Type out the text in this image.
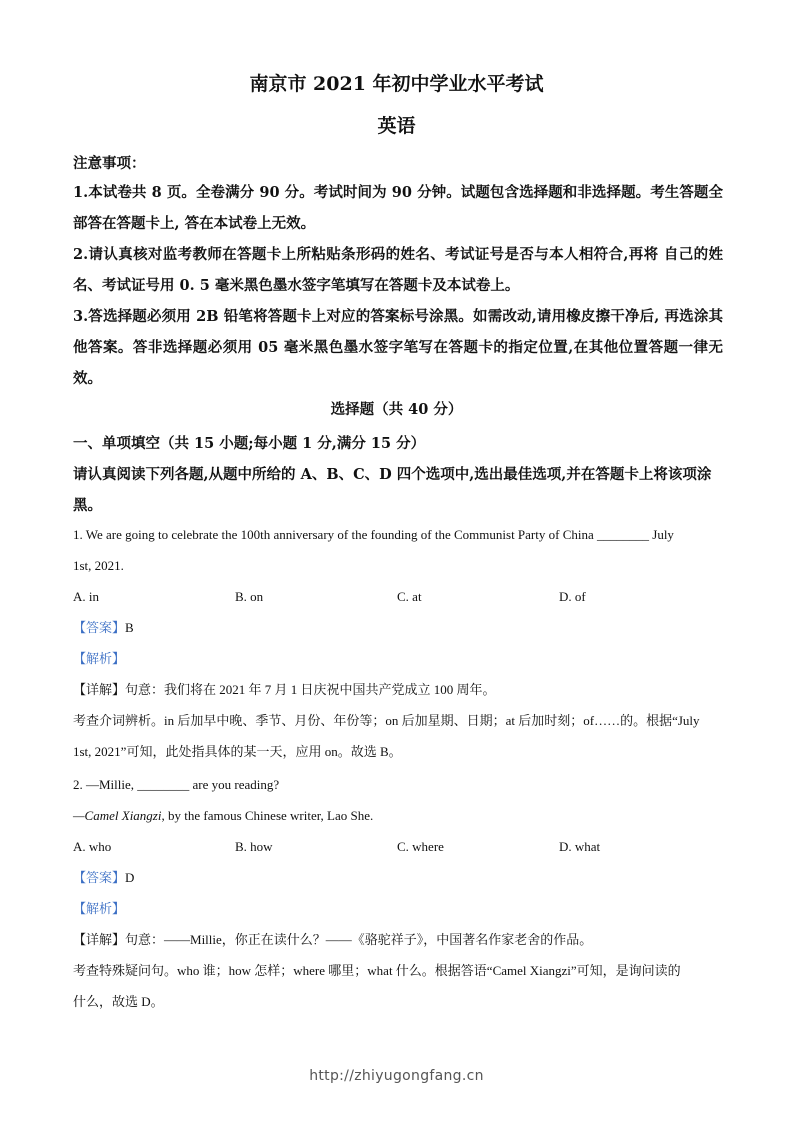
南京市 2021 年初中学业水平考试
英语
注意事项：

1.本试卷共 8 页。全卷满分 90 分。考试时间为 90 分钟。试题包含选择题和非选择题。考生答题全部答在答题卡上, 答在本试卷上无效。

2.请认真核对监考教师在答题卡上所粘贴条形码的姓名、考试证号是否与本人相符合,再将 自己的姓名、考试证号用 0. 5 毫米黑色墨水签字笔填写在答题卡及本试卷上。

3.答选择题必须用 2B 铅笔将答题卡上对应的答案标号涂黑。如需改动,请用橡皮擦干净后, 再选涂其他答案。答非选择题必须用 05 毫米黑色墨水签字笔写在答题卡的指定位置,在其他位置答题一律无效。

选择题（共 40 分）
一、单项填空（共 15 小题;每小题 1 分,满分 15 分）
请认真阅读下列各题,从题中所给的 A、B、C、D 四个选项中,选出最佳选项,并在答题卡上将该项涂黑。

1. We are going to celebrate the 100th anniversary of the founding of the Communist Party of China ________ July

1st, 2021.

A. in	B. on	C. at	D. of

【答案】B

【解析】

【详解】句意：我们将在 2021 年 7 月 1 日庆祝中国共产党成立 100 周年。

考查介词辨析。in 后加早中晚、季节、月份、年份等；on 后加星期、日期；at 后加时刻；of……的。根据“July

1st, 2021”可知，此处指具体的某一天，应用 on。故选 B。

2. —Millie, ________ are you reading?

—Camel Xiangzi, by the famous Chinese writer, Lao She.

A. who	B. how	C. where	D. what

【答案】D

【解析】

【详解】句意：——Millie，你正在读什么？——《骆驼祥子》，中国著名作家老舍的作品。

考查特殊疑问句。who 谁；how 怎样；where 哪里；what 什么。根据答语“Camel Xiangzi”可知，是询问读的

什么，故选 D。

http://zhiyugongfang.cn
